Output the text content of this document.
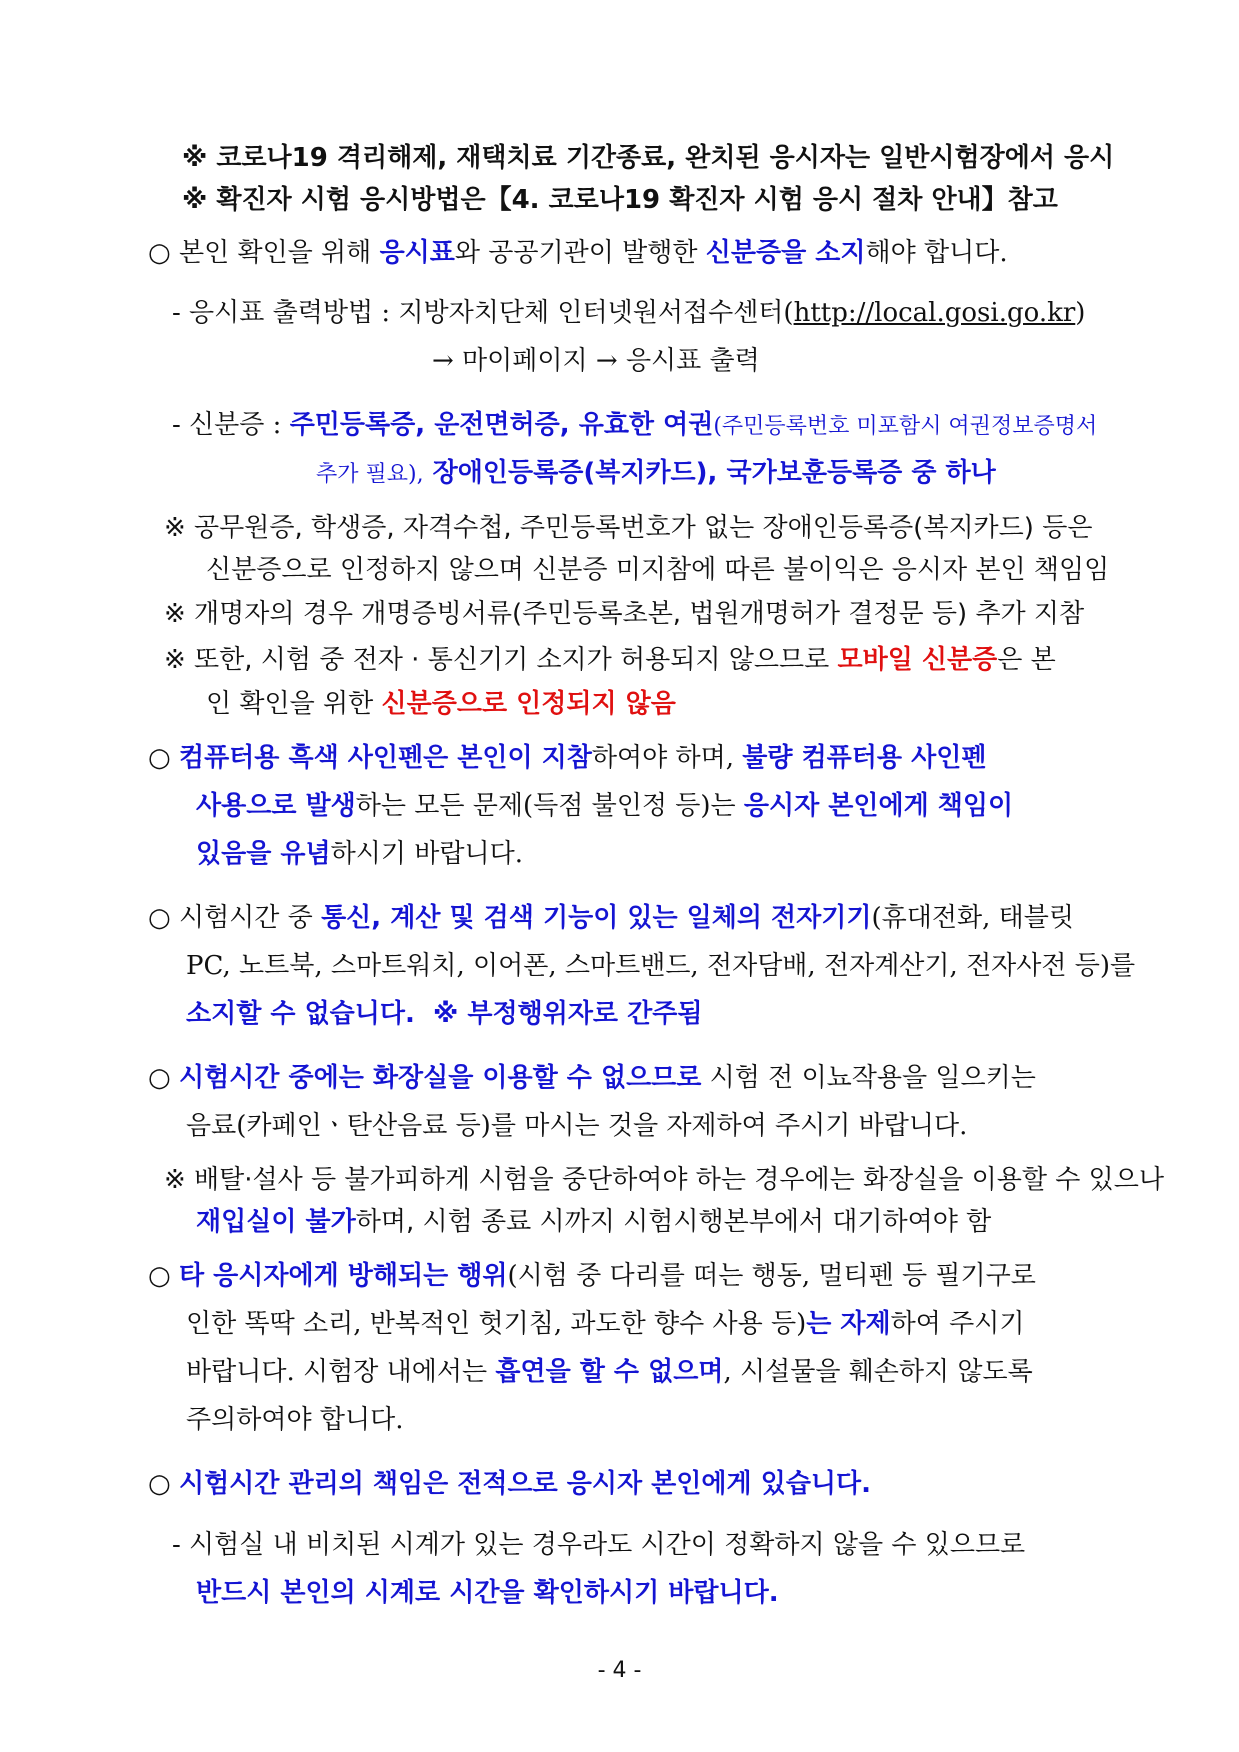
※ 코로나19 격리해제, 재택치료 기간종료, 완치된 응시자는 일반시험장에서 응시
※ 확진자 시험 응시방법은【4. 코로나19 확진자 시험 응시 절차 안내】참고
○ 본인 확인을 위해 응시표와 공공기관이 발행한 신분증을 소지해야 합니다.
- 응시표 출력방법 : 지방자치단체 인터넷원서접수센터(http://local.gosi.go.kr)
→ 마이페이지 → 응시표 출력
- 신분증 : 주민등록증, 운전면허증, 유효한 여권(주민등록번호 미포함시 여권정보증명서
추가 필요), 장애인등록증(복지카드), 국가보훈등록증 중 하나
※ 공무원증, 학생증, 자격수첩, 주민등록번호가 없는 장애인등록증(복지카드) 등은
신분증으로 인정하지 않으며 신분증 미지참에 따른 불이익은 응시자 본인 책임임
※ 개명자의 경우 개명증빙서류(주민등록초본, 법원개명허가 결정문 등) 추가 지참
※ 또한, 시험 중 전자 · 통신기기 소지가 허용되지 않으므로 모바일 신분증은 본
인 확인을 위한 신분증으로 인정되지 않음
○ 컴퓨터용 흑색 사인펜은 본인이 지참하여야 하며, 불량 컴퓨터용 사인펜
사용으로 발생하는 모든 문제(득점 불인정 등)는 응시자 본인에게 책임이
있음을 유념하시기 바랍니다.
○ 시험시간 중 통신, 계산 및 검색 기능이 있는 일체의 전자기기(휴대전화, 태블릿
PC, 노트북, 스마트워치, 이어폰, 스마트밴드, 전자담배, 전자계산기, 전자사전 등)를
소지할 수 없습니다.  ※ 부정행위자로 간주됨
○ 시험시간 중에는 화장실을 이용할 수 없으므로 시험 전 이뇨작용을 일으키는
음료(카페인ㆍ탄산음료 등)를 마시는 것을 자제하여 주시기 바랍니다.
※ 배탈·설사 등 불가피하게 시험을 중단하여야 하는 경우에는 화장실을 이용할 수 있으나
재입실이 불가하며, 시험 종료 시까지 시험시행본부에서 대기하여야 함
○ 타 응시자에게 방해되는 행위(시험 중 다리를 떠는 행동, 멀티펜 등 필기구로
인한 똑딱 소리, 반복적인 헛기침, 과도한 향수 사용 등)는 자제하여 주시기
바랍니다. 시험장 내에서는 흡연을 할 수 없으며, 시설물을 훼손하지 않도록
주의하여야 합니다.
○ 시험시간 관리의 책임은 전적으로 응시자 본인에게 있습니다.
- 시험실 내 비치된 시계가 있는 경우라도 시간이 정확하지 않을 수 있으므로
반드시 본인의 시계로 시간을 확인하시기 바랍니다.
- 4 -
